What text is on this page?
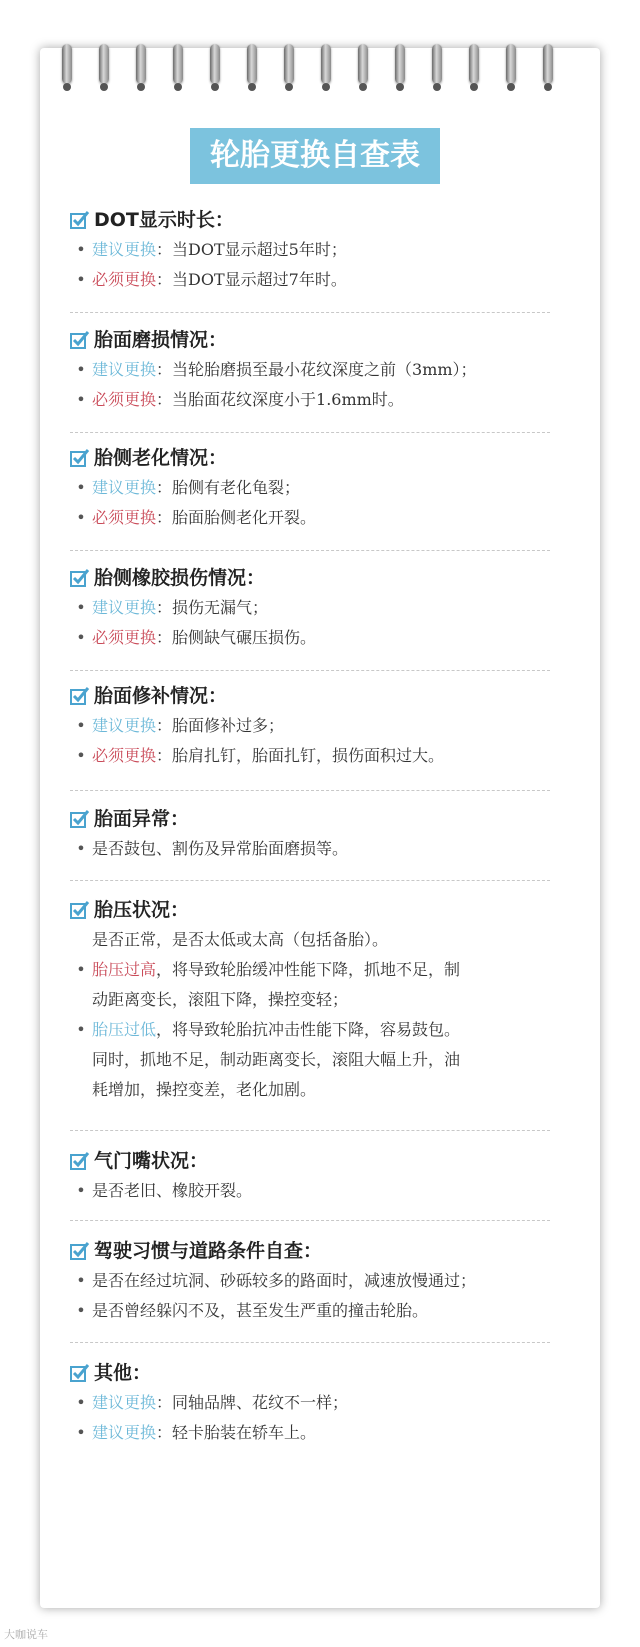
轮胎更换自查表
DOT显示时长：
• 建议更换：当DOT显示超过5年时；
• 必须更换：当DOT显示超过7年时。
胎面磨损情况：
• 建议更换：当轮胎磨损至最小花纹深度之前（3mm）；
• 必须更换：当胎面花纹深度小于1.6mm时。
胎侧老化情况：
• 建议更换：胎侧有老化龟裂；
• 必须更换：胎面胎侧老化开裂。
胎侧橡胶损伤情况：
• 建议更换：损伤无漏气；
• 必须更换：胎侧缺气碾压损伤。
胎面修补情况：
• 建议更换：胎面修补过多；
• 必须更换：胎肩扎钉，胎面扎钉，损伤面积过大。
胎面异常：
• 是否鼓包、割伤及异常胎面磨损等。
胎压状况：
是否正常，是否太低或太高（包括备胎）。
• 胎压过高，将导致轮胎缓冲性能下降，抓地不足，制
动距离变长，滚阻下降，操控变轻；
• 胎压过低，将导致轮胎抗冲击性能下降，容易鼓包。
同时，抓地不足，制动距离变长，滚阻大幅上升，油
耗增加，操控变差，老化加剧。
气门嘴状况：
• 是否老旧、橡胶开裂。
驾驶习惯与道路条件自查：
• 是否在经过坑洞、砂砾较多的路面时，减速放慢通过；
• 是否曾经躲闪不及，甚至发生严重的撞击轮胎。
其他：
• 建议更换：同轴品牌、花纹不一样；
• 建议更换：轻卡胎装在轿车上。
大咖说车
